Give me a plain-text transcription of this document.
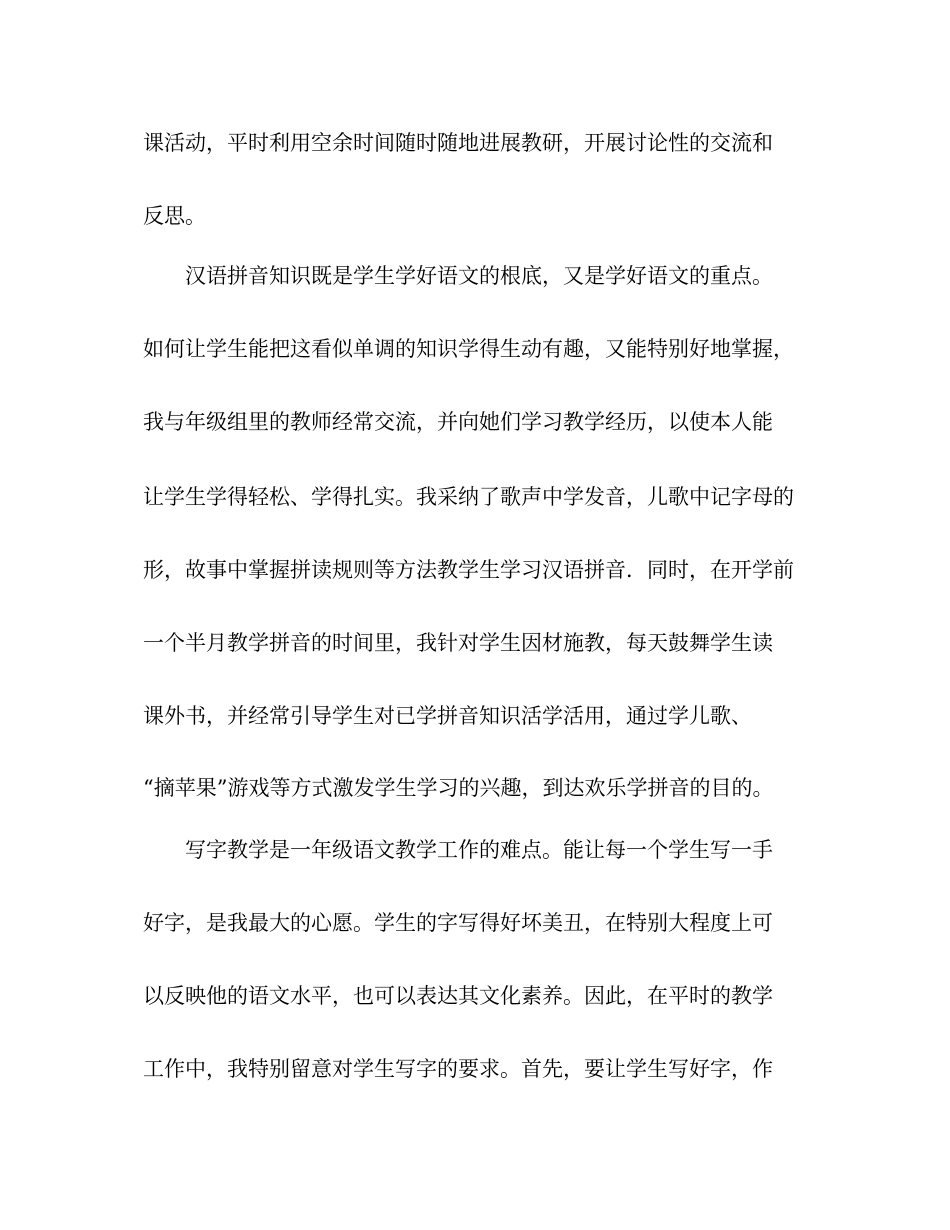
课活动，平时利用空余时间随时随地进展教研，开展讨论性的交流和
反思。
汉语拼音知识既是学生学好语文的根底，又是学好语文的重点。
如何让学生能把这看似单调的知识学得生动有趣，又能特别好地掌握，
我与年级组里的教师经常交流，并向她们学习教学经历，以使本人能
让学生学得轻松、学得扎实。我采纳了歌声中学发音，儿歌中记字母的
形，故事中掌握拼读规则等方法教学生学习汉语拼音．同时，在开学前
一个半月教学拼音的时间里，我针对学生因材施教，每天鼓舞学生读
课外书，并经常引导学生对已学拼音知识活学活用，通过学儿歌、
“摘苹果”游戏等方式激发学生学习的兴趣，到达欢乐学拼音的目的。
写字教学是一年级语文教学工作的难点。能让每一个学生写一手
好字，是我最大的心愿。学生的字写得好坏美丑，在特别大程度上可
以反映他的语文水平，也可以表达其文化素养。因此，在平时的教学
工作中，我特别留意对学生写字的要求。首先，要让学生写好字，作
